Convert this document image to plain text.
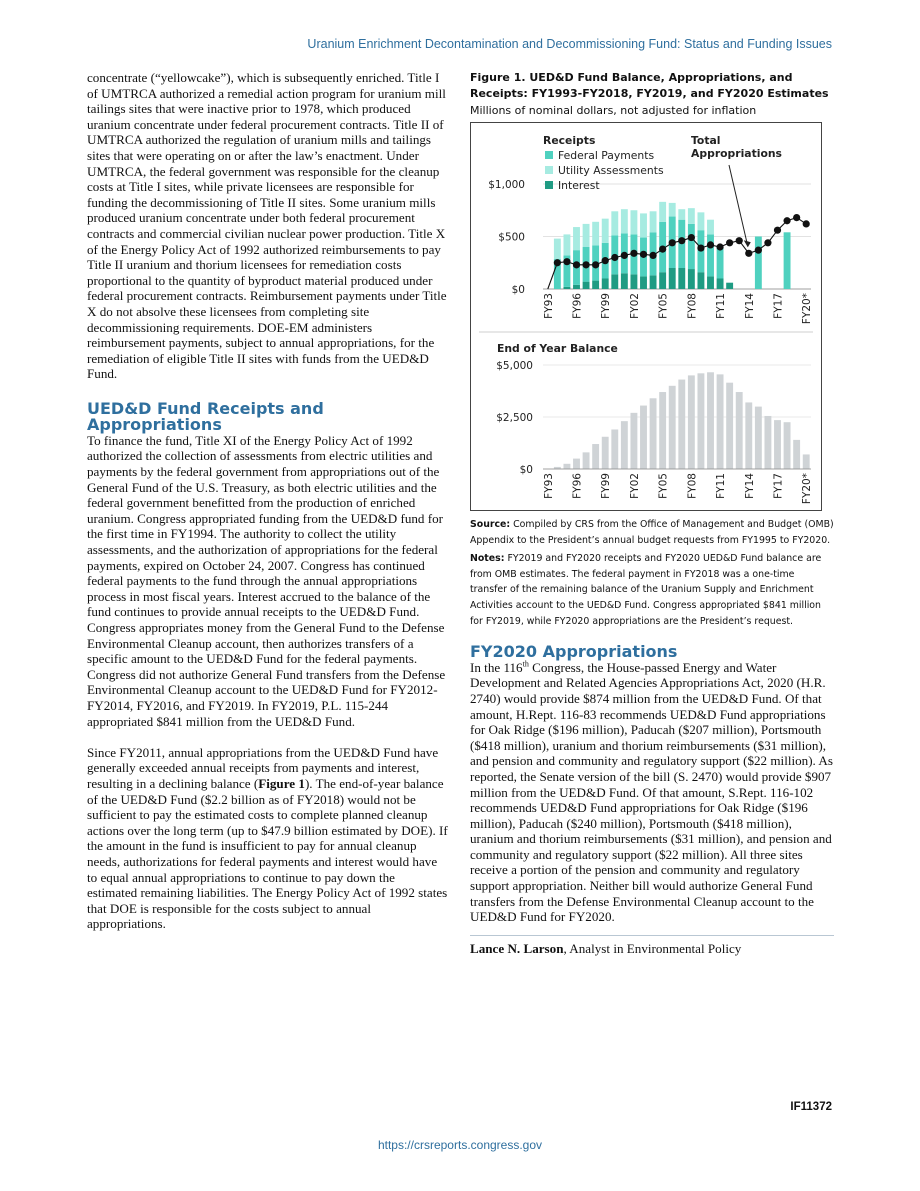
Uranium Enrichment Decontamination and Decommissioning Fund: Status and Funding Issues

concentrate (“yellowcake”), which is subsequently enriched. Title I of UMTRCA authorized a remedial action program for uranium mill tailings sites that were inactive prior to 1978, which produced uranium concentrate under federal procurement contracts. Title II of UMTRCA authorized the regulation of uranium mills and tailings sites that were operating on or after the law’s enactment. Under UMTRCA, the federal government was responsible for the cleanup costs at Title I sites, while private licensees are responsible for funding the decommissioning of Title II sites. Some uranium mills produced uranium concentrate under both federal procurement contracts and commercial civilian nuclear power production. Title X of the Energy Policy Act of 1992 authorized reimbursements to pay Title II uranium and thorium licensees for remediation costs proportional to the quantity of byproduct material produced under federal procurement contracts. Reimbursement payments under Title X do not absolve these licensees from completing site decommissioning requirements. DOE-EM administers reimbursement payments, subject to annual appropriations, for the remediation of eligible Title II sites with funds from the UED&D Fund.

UED&D Fund Receipts and Appropriations

To finance the fund, Title XI of the Energy Policy Act of 1992 authorized the collection of assessments from electric utilities and payments by the federal government from appropriations out of the General Fund of the U.S. Treasury, as both electric utilities and the federal government benefitted from the production of enriched uranium. Congress appropriated funding from the UED&D fund for the first time in FY1994. The authority to collect the utility assessments, and the authorization of appropriations for the federal payments, expired on October 24, 2007. Congress has continued federal payments to the fund through the annual appropriations process in most fiscal years. Interest accrued to the balance of the fund continues to provide annual receipts to the UED&D Fund. Congress appropriates money from the General Fund to the Defense Environmental Cleanup account, then authorizes transfers of a specific amount to the UED&D Fund for the federal payments. Congress did not authorize General Fund transfers from the Defense Environmental Cleanup account to the UED&D Fund for FY2012-FY2014, FY2016, and FY2019. In FY2019, P.L. 115-244 appropriated $841 million from the UED&D Fund.

Since FY2011, annual appropriations from the UED&D Fund have generally exceeded annual receipts from payments and interest, resulting in a declining balance (Figure 1). The end-of-year balance of the UED&D Fund ($2.2 billion as of FY2018) would not be sufficient to pay the estimated costs to complete planned cleanup actions over the long term (up to $47.9 billion estimated by DOE). If the amount in the fund is insufficient to pay for annual cleanup needs, authorizations for federal payments and interest would have to equal annual appropriations to continue to pay down the estimated remaining liabilities. The Energy Policy Act of 1992 states that DOE is responsible for the costs subject to annual appropriations.

Figure 1. UED&D Fund Balance, Appropriations, and Receipts: FY1993-FY2018, FY2019, and FY2020 Estimates
Millions of nominal dollars, not adjusted for inflation
$0
$500
$1,000
FY93 FY96 FY99 FY02 FY05 FY08 FY11 FY14 FY17 FY20*
Receipts
Federal Payments
Utility Assessments
Interest
Total
Appropriations
End of Year Balance
$0
$2,500
$5,000
FY93 FY96 FY99 FY02 FY05 FY08 FY11 FY14 FY17 FY20*

Source: Compiled by CRS from the Office of Management and Budget (OMB) Appendix to the President’s annual budget requests from FY1995 to FY2020.

Notes: FY2019 and FY2020 receipts and FY2020 UED&D Fund balance are from OMB estimates. The federal payment in FY2018 was a one-time transfer of the remaining balance of the Uranium Supply and Enrichment Activities account to the UED&D Fund. Congress appropriated $841 million for FY2019, while FY2020 appropriations are the President’s request.

FY2020 Appropriations

In the 116th Congress, the House-passed Energy and Water Development and Related Agencies Appropriations Act, 2020 (H.R. 2740) would provide $874 million from the UED&D Fund. Of that amount, H.Rept. 116-83 recommends UED&D Fund appropriations for Oak Ridge ($196 million), Paducah ($207 million), Portsmouth ($418 million), uranium and thorium reimbursements ($31 million), and pension and community and regulatory support ($22 million). As reported, the Senate version of the bill (S. 2470) would provide $907 million from the UED&D Fund. Of that amount, S.Rept. 116-102 recommends UED&D Fund appropriations for Oak Ridge ($196 million), Paducah ($240 million), Portsmouth ($418 million), uranium and thorium reimbursements ($31 million), and pension and community and regulatory support ($22 million). All three sites receive a portion of the pension and community and regulatory support appropriation. Neither bill would authorize General Fund transfers from the Defense Environmental Cleanup account to the UED&D Fund for FY2020.

Lance N. Larson, Analyst in Environmental Policy

IF11372
https://crsreports.congress.gov
